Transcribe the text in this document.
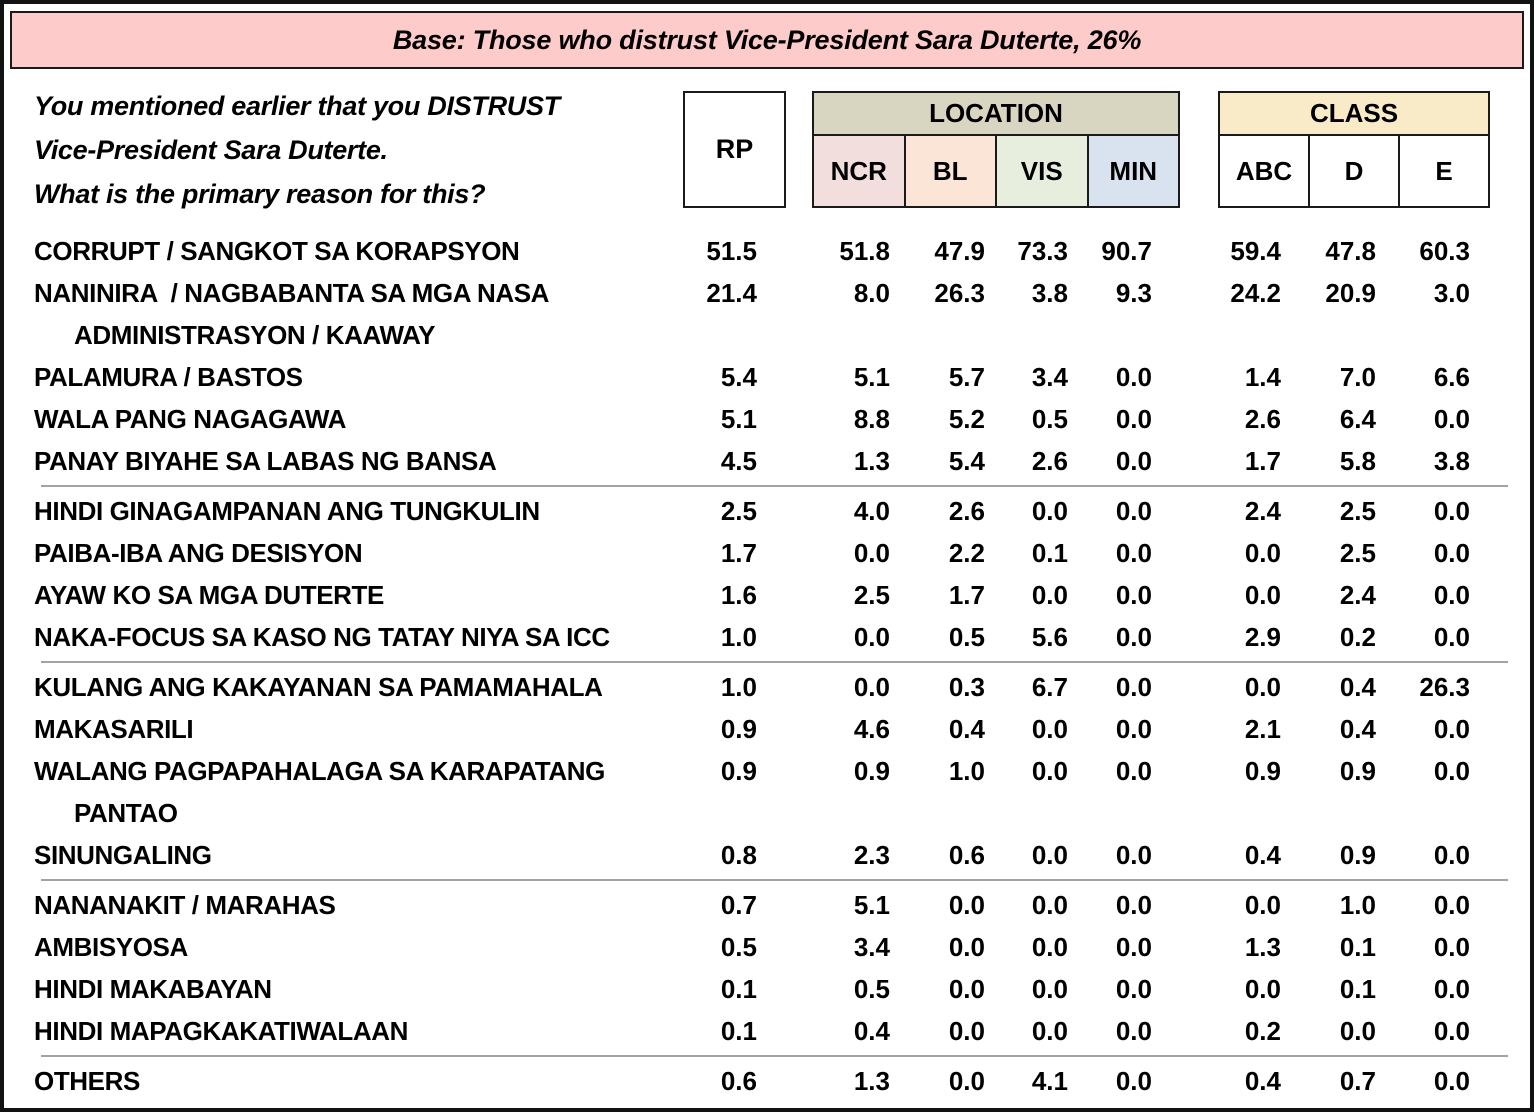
Base: Those who distrust Vice-President Sara Duterte, 26%
You mentioned earlier that you DISTRUST
Vice-President Sara Duterte.
What is the primary reason for this?
RP
LOCATION
NCR	BL	VIS	MIN
CLASS
ABC	D	E
CORRUPT / SANGKOT SA KORAPSYON	51.5	51.8	47.9	73.3	90.7	59.4	47.8	60.3
NANINIRA  / NAGBABANTA SA MGA NASA
ADMINISTRASYON / KAAWAY
21.4	8.0	26.3	3.8	9.3	24.2	20.9	3.0
PALAMURA / BASTOS	5.4	5.1	5.7	3.4	0.0	1.4	7.0	6.6
WALA PANG NAGAGAWA	5.1	8.8	5.2	0.5	0.0	2.6	6.4	0.0
PANAY BIYAHE SA LABAS NG BANSA	4.5	1.3	5.4	2.6	0.0	1.7	5.8	3.8
HINDI GINAGAMPANAN ANG TUNGKULIN	2.5	4.0	2.6	0.0	0.0	2.4	2.5	0.0
PAIBA-IBA ANG DESISYON	1.7	0.0	2.2	0.1	0.0	0.0	2.5	0.0
AYAW KO SA MGA DUTERTE	1.6	2.5	1.7	0.0	0.0	0.0	2.4	0.0
NAKA-FOCUS SA KASO NG TATAY NIYA SA ICC	1.0	0.0	0.5	5.6	0.0	2.9	0.2	0.0
KULANG ANG KAKAYANAN SA PAMAMAHALA	1.0	0.0	0.3	6.7	0.0	0.0	0.4	26.3
MAKASARILI	0.9	4.6	0.4	0.0	0.0	2.1	0.4	0.0
WALANG PAGPAPAHALAGA SA KARAPATANG
PANTAO
0.9	0.9	1.0	0.0	0.0	0.9	0.9	0.0
SINUNGALING	0.8	2.3	0.6	0.0	0.0	0.4	0.9	0.0
NANANAKIT / MARAHAS	0.7	5.1	0.0	0.0	0.0	0.0	1.0	0.0
AMBISYOSA	0.5	3.4	0.0	0.0	0.0	1.3	0.1	0.0
HINDI MAKABAYAN	0.1	0.5	0.0	0.0	0.0	0.0	0.1	0.0
HINDI MAPAGKAKATIWALAAN	0.1	0.4	0.0	0.0	0.0	0.2	0.0	0.0
OTHERS	0.6	1.3	0.0	4.1	0.0	0.4	0.7	0.0
